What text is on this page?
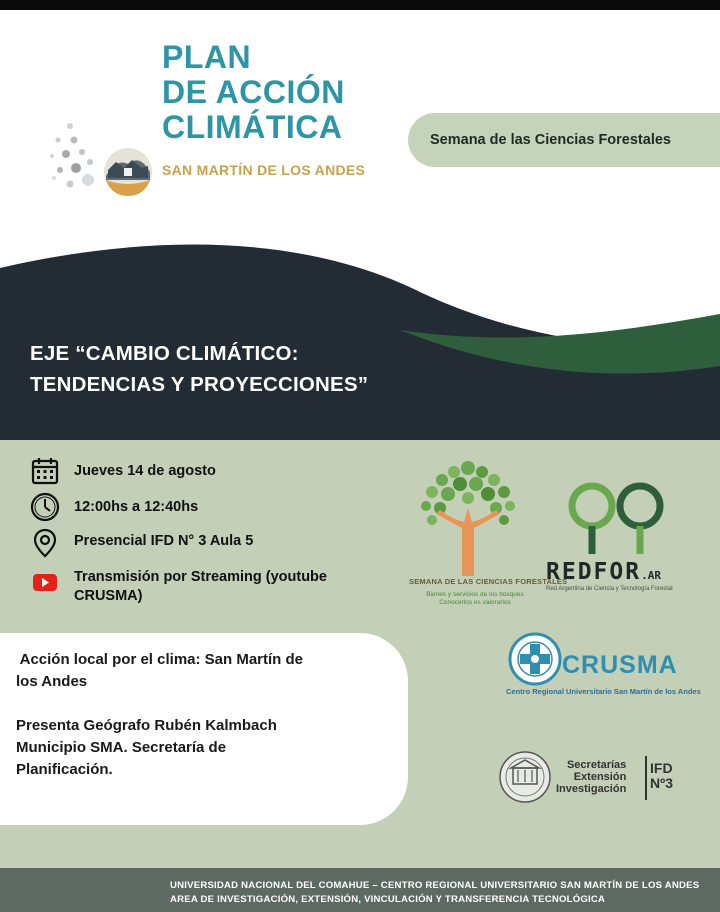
PLAN
DE ACCIÓN
CLIMÁTICA
SAN MARTÍN DE LOS ANDES
Semana de las Ciencias Forestales
EJE “CAMBIO CLIMÁTICO:
TENDENCIAS Y PROYECCIONES”
Jueves 14 de agosto
12:00hs a 12:40hs
Presencial IFD N° 3 Aula 5
Transmisión por Streaming (youtube
CRUSMA)
SEMANA DE LAS CIENCIAS FORESTALES
Bienes y servicios de los bosques
Conocerlos es valorarlos
REDFOR.AR
Red Argentina de Ciencia y Tecnología Forestal
CRUSMA
Centro Regional Universitario San Martín de los Andes
Secretarías
Extensión
Investigación
IFD
Nº3
Acción local por el clima: San Martín de
los Andes
Presenta Geógrafo Rubén Kalmbach
Municipio SMA. Secretaría de
Planificación.
UNIVERSIDAD NACIONAL DEL COMAHUE – CENTRO REGIONAL UNIVERSITARIO SAN MARTÍN DE LOS ANDES
AREA DE INVESTIGACIÓN, EXTENSIÓN, VINCULACIÓN Y TRANSFERENCIA TECNOLÓGICA
